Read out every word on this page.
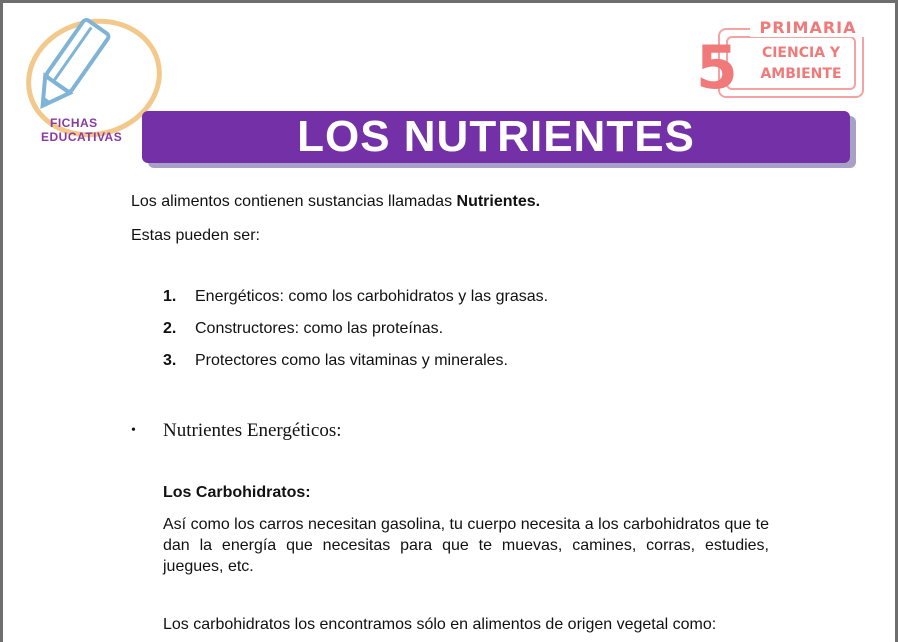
FICHAS
EDUCATIVAS
PRIMARIA
5	CIENCIA Y
AMBIENTE
LOS NUTRIENTES
Los alimentos contienen sustancias llamadas Nutrientes.
Estas pueden ser:
1. Energéticos: como los carbohidratos y las grasas.
2. Constructores: como las proteínas.
3. Protectores como las vitaminas y minerales.
• Nutrientes Energéticos:
Los Carbohidratos:
Así como los carros necesitan gasolina, tu cuerpo necesita a los carbohidratos que te dan la energía que necesitas para que te muevas, camines, corras, estudies, juegues, etc.
Los carbohidratos los encontramos sólo en alimentos de origen vegetal como:
